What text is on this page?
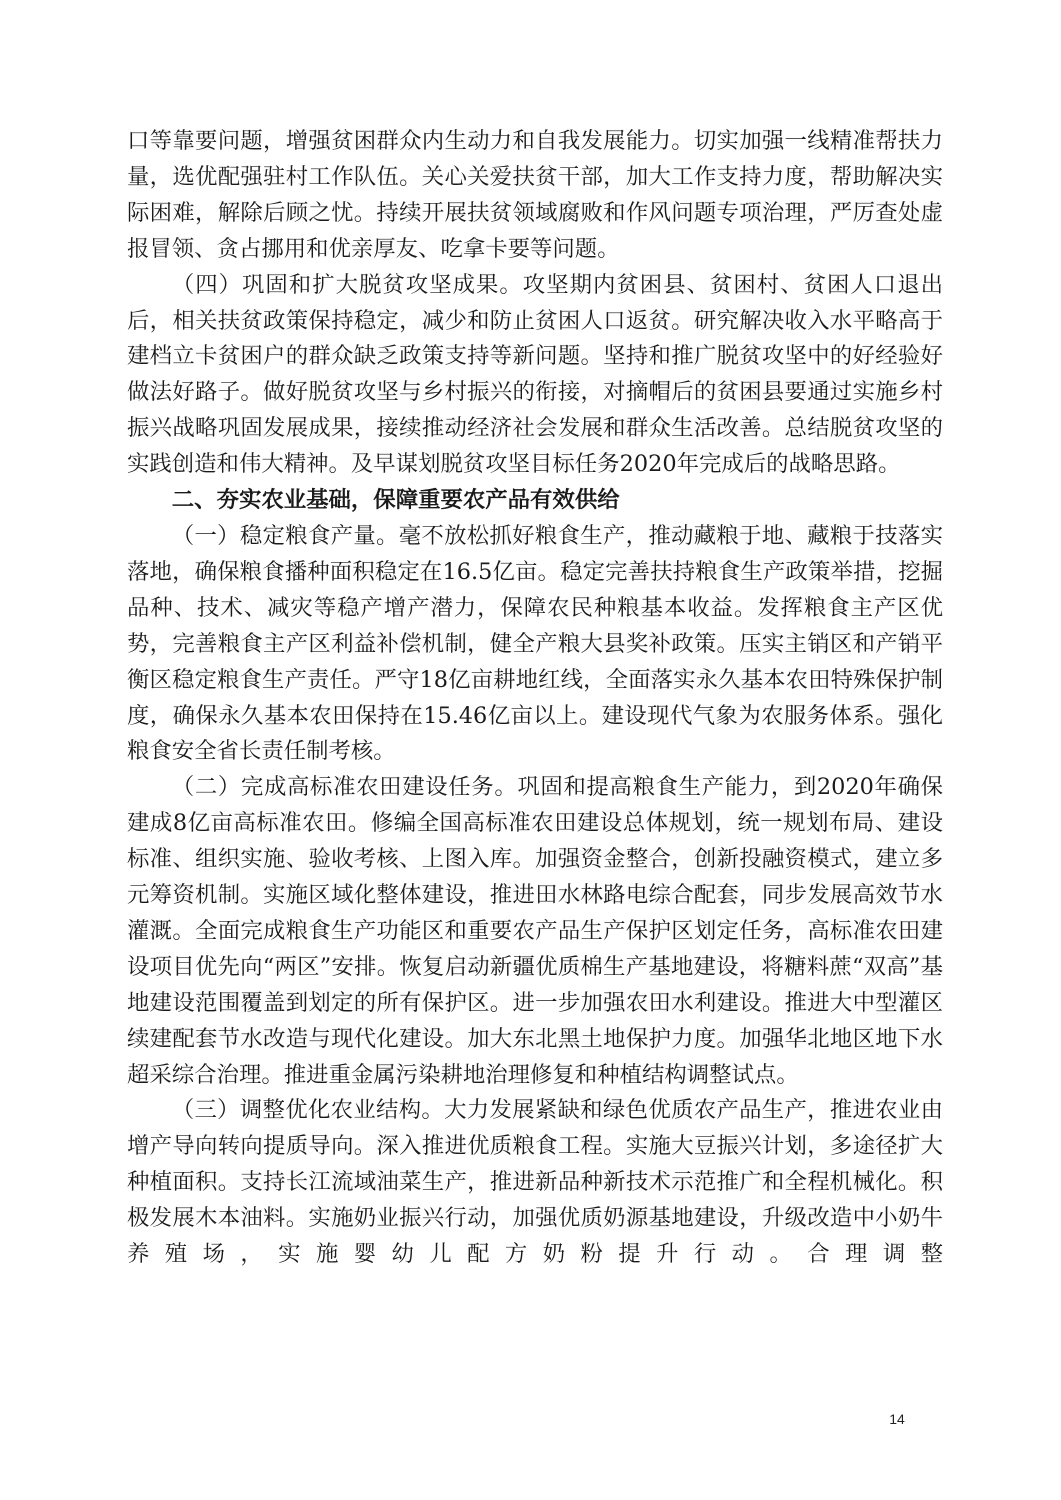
口等靠要问题，增强贫困群众内生动力和自我发展能力。切实加强一线精准帮扶力量，选优配强驻村工作队伍。关心关爱扶贫干部，加大工作支持力度，帮助解决实际困难，解除后顾之忧。持续开展扶贫领域腐败和作风问题专项治理，严厉查处虚报冒领、贪占挪用和优亲厚友、吃拿卡要等问题。

（四）巩固和扩大脱贫攻坚成果。攻坚期内贫困县、贫困村、贫困人口退出后，相关扶贫政策保持稳定，减少和防止贫困人口返贫。研究解决收入水平略高于建档立卡贫困户的群众缺乏政策支持等新问题。坚持和推广脱贫攻坚中的好经验好做法好路子。做好脱贫攻坚与乡村振兴的衔接，对摘帽后的贫困县要通过实施乡村振兴战略巩固发展成果，接续推动经济社会发展和群众生活改善。总结脱贫攻坚的实践创造和伟大精神。及早谋划脱贫攻坚目标任务2020年完成后的战略思路。

二、夯实农业基础，保障重要农产品有效供给

（一）稳定粮食产量。毫不放松抓好粮食生产，推动藏粮于地、藏粮于技落实落地，确保粮食播种面积稳定在16.5亿亩。稳定完善扶持粮食生产政策举措，挖掘品种、技术、减灾等稳产增产潜力，保障农民种粮基本收益。发挥粮食主产区优势，完善粮食主产区利益补偿机制，健全产粮大县奖补政策。压实主销区和产销平衡区稳定粮食生产责任。严守18亿亩耕地红线，全面落实永久基本农田特殊保护制度，确保永久基本农田保持在15.46亿亩以上。建设现代气象为农服务体系。强化粮食安全省长责任制考核。

（二）完成高标准农田建设任务。巩固和提高粮食生产能力，到2020年确保建成8亿亩高标准农田。修编全国高标准农田建设总体规划，统一规划布局、建设标准、组织实施、验收考核、上图入库。加强资金整合，创新投融资模式，建立多元筹资机制。实施区域化整体建设，推进田水林路电综合配套，同步发展高效节水灌溉。全面完成粮食生产功能区和重要农产品生产保护区划定任务，高标准农田建设项目优先向“两区”安排。恢复启动新疆优质棉生产基地建设，将糖料蔗“双高”基地建设范围覆盖到划定的所有保护区。进一步加强农田水利建设。推进大中型灌区续建配套节水改造与现代化建设。加大东北黑土地保护力度。加强华北地区地下水超采综合治理。推进重金属污染耕地治理修复和种植结构调整试点。

（三）调整优化农业结构。大力发展紧缺和绿色优质农产品生产，推进农业由增产导向转向提质导向。深入推进优质粮食工程。实施大豆振兴计划，多途径扩大种植面积。支持长江流域油菜生产，推进新品种新技术示范推广和全程机械化。积极发展木本油料。实施奶业振兴行动，加强优质奶源基地建设，升级改造中小奶牛养殖场，实施婴幼儿配方奶粉提升行动。合理调整

14
